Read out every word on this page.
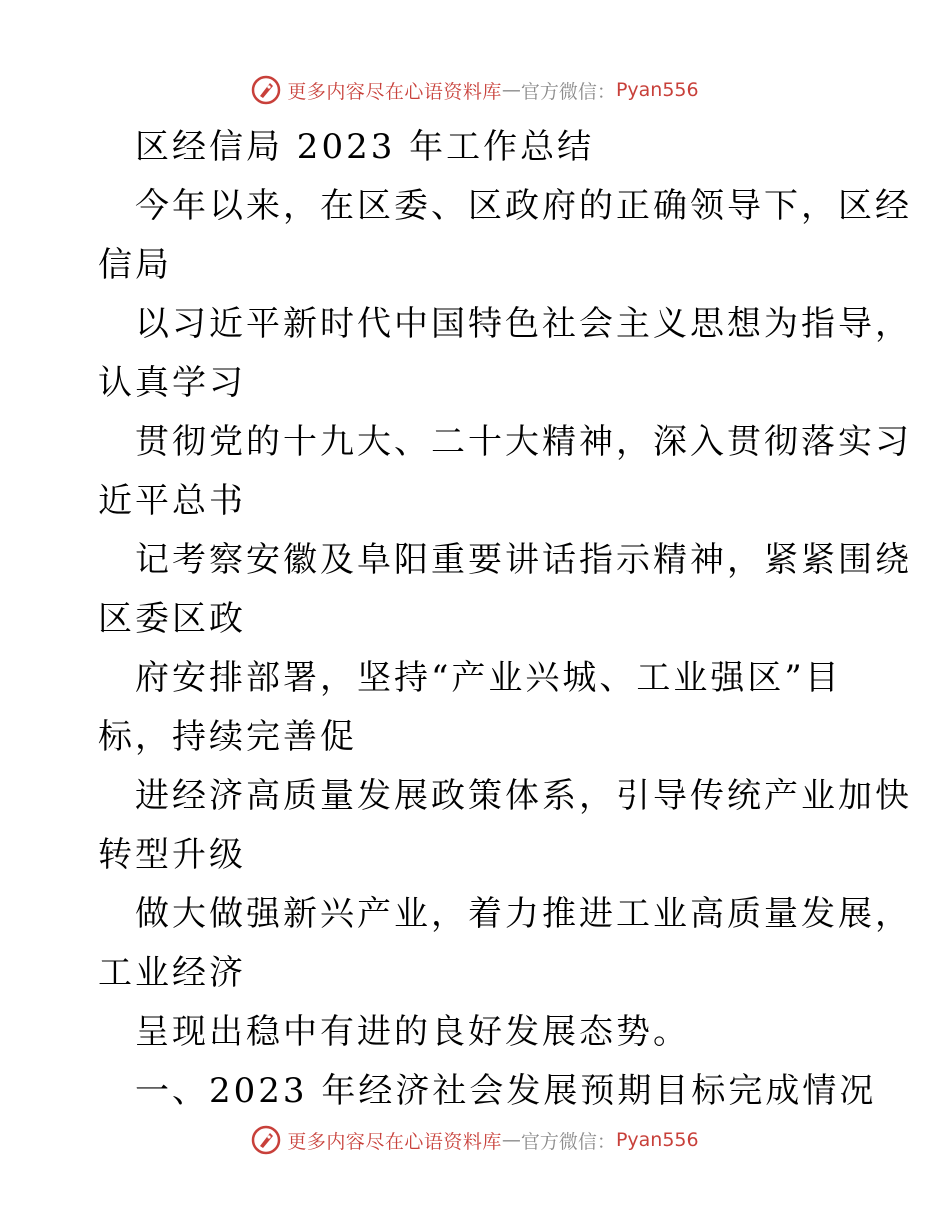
更多内容尽在心语资料库 — 官方微信： Pyan556
区经信局 2023 年工作总结
今年以来，在区委、区政府的正确领导下，区经
信局
以习近平新时代中国特色社会主义思想为指导，
认真学习
贯彻党的十九大、二十大精神，深入贯彻落实习
近平总书
记考察安徽及阜阳重要讲话指示精神，紧紧围绕
区委区政
府安排部署，坚持“产业兴城、工业强区”目
标，持续完善促
进经济高质量发展政策体系，引导传统产业加快
转型升级
做大做强新兴产业，着力推进工业高质量发展，
工业经济
呈现出稳中有进的良好发展态势。
一、2023 年经济社会发展预期目标完成情况
更多内容尽在心语资料库 — 官方微信： Pyan556
